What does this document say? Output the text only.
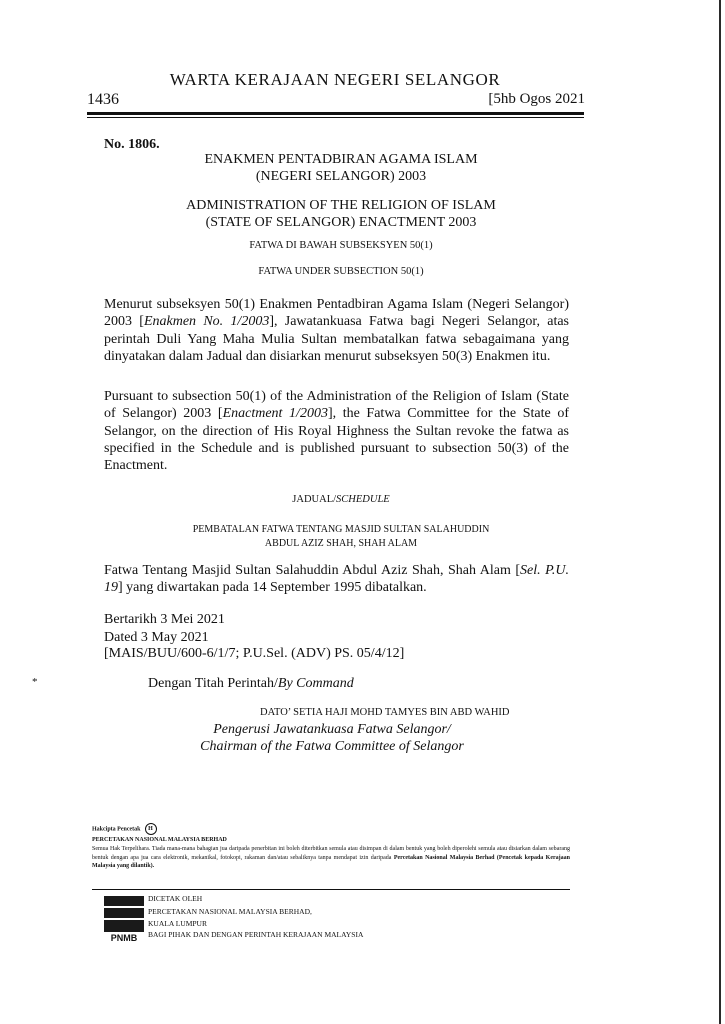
WARTA KERAJAAN NEGERI SELANGOR
1436	[5hb Ogos 2021
No. 1806.
ENAKMEN PENTADBIRAN AGAMA ISLAM
(NEGERI SELANGOR) 2003
ADMINISTRATION OF THE RELIGION OF ISLAM
(STATE OF SELANGOR) ENACTMENT 2003
FATWA DI BAWAH SUBSEKSYEN 50(1)
FATWA UNDER SUBSECTION 50(1)
Menurut subseksyen 50(1) Enakmen Pentadbiran Agama Islam (Negeri Selangor) 2003 [Enakmen No. 1/2003], Jawatankuasa Fatwa bagi Negeri Selangor, atas perintah Duli Yang Maha Mulia Sultan membatalkan fatwa sebagaimana yang dinyatakan dalam Jadual dan disiarkan menurut subseksyen 50(3) Enakmen itu.
Pursuant to subsection 50(1) of the Administration of the Religion of Islam (State of Selangor) 2003 [Enactment 1/2003], the Fatwa Committee for the State of Selangor, on the direction of His Royal Highness the Sultan revoke the fatwa as specified in the Schedule and is published pursuant to subsection 50(3) of the Enactment.
JADUAL/SCHEDULE
PEMBATALAN FATWA TENTANG MASJID SULTAN SALAHUDDIN
ABDUL AZIZ SHAH, SHAH ALAM
Fatwa Tentang Masjid Sultan Salahuddin Abdul Aziz Shah, Shah Alam [Sel. P.U. 19] yang diwartakan pada 14 September 1995 dibatalkan.
Bertarikh 3 Mei 2021
Dated 3 May 2021
[MAIS/BUU/600-6/1/7; P.U.Sel. (ADV) PS. 05/4/12]
*	Dengan Titah Perintah/By Command
DATO’ SETIA HAJI MOHD TAMYES BIN ABD WAHID
Pengerusi Jawatankuasa Fatwa Selangor/
Chairman of the Fatwa Committee of Selangor
Hakcipta Pencetak H
PERCETAKAN NASIONAL MALAYSIA BERHAD
Semua Hak Terpelihara. Tiada mana-mana bahagian jua daripada penerbitan ini boleh diterbitkan semula atau disimpan di dalam bentuk yang boleh diperolehi semula atau disiarkan dalam sebarang bentuk dengan apa jua cara elektronik, mekanikal, fotokopi, rakaman dan/atau sebaliknya tanpa mendapat izin daripada Percetakan Nasional Malaysia Berhad (Pencetak kepada Kerajaan Malaysia yang dilantik).
PNMB
DICETAK OLEH
PERCETAKAN NASIONAL MALAYSIA BERHAD,
KUALA LUMPUR
BAGI PIHAK DAN DENGAN PERINTAH KERAJAAN MALAYSIA
